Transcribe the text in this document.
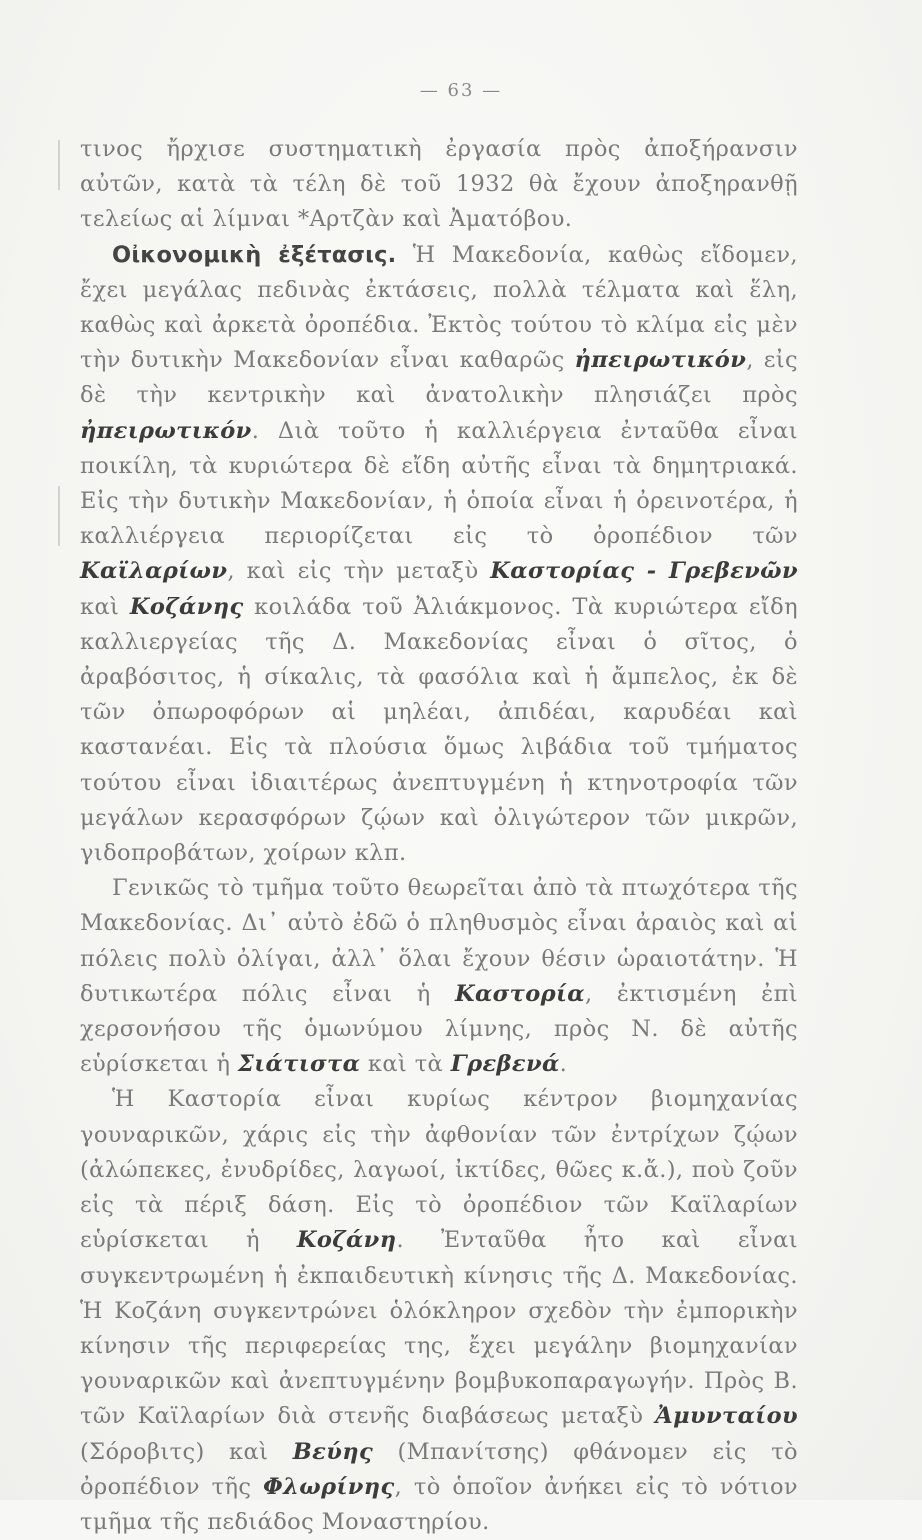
— 63 —

τινος ἤρχισε συστηματικὴ ἐργασία πρὸς ἀποξήρανσιν αὐτῶν, κατὰ τὰ τέλη δὲ τοῦ 1932 θὰ ἔχουν ἀποξηρανθῇ τελείως αἱ λίμναι *Αρτζὰν καὶ Ἀματόβου.

Οἰκονομικὴ ἐξέτασις. Ἡ Μακεδονία, καθὼς εἴδομεν, ἔχει μεγάλας πεδινὰς ἐκτάσεις, πολλὰ τέλματα καὶ ἕλη, καθὼς καὶ ἀρκετὰ ὀροπέδια. Ἐκτὸς τούτου τὸ κλίμα εἰς μὲν τὴν δυτικὴν Μακεδονίαν εἶναι καθαρῶς ἠπειρωτικόν, εἰς δὲ τὴν κεντρικὴν καὶ ἀνατολικὴν πλησιάζει πρὸς ἠπειρωτικόν. Διὰ τοῦτο ἡ καλλιέργεια ἐνταῦθα εἶναι ποικίλη, τὰ κυριώτερα δὲ εἴδη αὐτῆς εἶναι τὰ δημητριακά. Εἰς τὴν δυτικὴν Μακεδονίαν, ἡ ὁποία εἶναι ἡ ὀρεινοτέρα, ἡ καλλιέργεια περιορίζεται εἰς τὸ ὀροπέδιον τῶν Καϊλαρίων, καὶ εἰς τὴν μεταξὺ Καστορίας - Γρεβενῶν καὶ Κοζάνης κοιλάδα τοῦ Ἀλιάκμονος. Τὰ κυριώτερα εἴδη καλλιεργείας τῆς Δ. Μακεδονίας εἶναι ὁ σῖτος, ὁ ἀραβόσιτος, ἡ σίκαλις, τὰ φασόλια καὶ ἡ ἄμπελος, ἐκ δὲ τῶν ὀπωροφόρων αἱ μηλέαι, ἀπιδέαι, καρυδέαι καὶ καστανέαι. Εἰς τὰ πλούσια ὅμως λιβάδια τοῦ τμήματος τούτου εἶναι ἰδιαιτέρως ἀνεπτυγμένη ἡ κτηνοτροφία τῶν μεγάλων κερασφόρων ζῴων καὶ ὀλιγώτερον τῶν μικρῶν, γιδοπροβάτων, χοίρων κλπ.

Γενικῶς τὸ τμῆμα τοῦτο θεωρεῖται ἀπὸ τὰ πτωχότερα τῆς Μακεδονίας. Δι᾿ αὐτὸ ἐδῶ ὁ πληθυσμὸς εἶναι ἀραιὸς καὶ αἱ πόλεις πολὺ ὀλίγαι, ἀλλ᾿ ὅλαι ἔχουν θέσιν ὡραιοτάτην. Ἡ δυτικωτέρα πόλις εἶναι ἡ Καστορία, ἐκτισμένη ἐπὶ χερσονήσου τῆς ὁμωνύμου λίμνης, πρὸς Ν. δὲ αὐτῆς εὑρίσκεται ἡ Σιάτιστα καὶ τὰ Γρεβενά.

Ἡ Καστορία εἶναι κυρίως κέντρον βιομηχανίας γουναρικῶν, χάρις εἰς τὴν ἀφθονίαν τῶν ἐντρίχων ζῴων (ἀλώπεκες, ἐνυδρίδες, λαγωοί, ἰκτίδες, θῶες κ.ἄ.), ποὺ ζοῦν εἰς τὰ πέριξ δάση. Εἰς τὸ ὀροπέδιον τῶν Καϊλαρίων εὑρίσκεται ἡ Κοζάνη. Ἐνταῦθα ἦτο καὶ εἶναι συγκεντρωμένη ἡ ἐκπαιδευτικὴ κίνησις τῆς Δ. Μακεδονίας. Ἡ Κοζάνη συγκεντρώνει ὁλόκληρον σχεδὸν τὴν ἐμπορικὴν κίνησιν τῆς περιφερείας της, ἔχει μεγάλην βιομηχανίαν γουναρικῶν καὶ ἀνεπτυγμένην βομβυκοπαραγωγήν. Πρὸς Β. τῶν Καϊλαρίων διὰ στενῆς διαβάσεως μεταξὺ Ἀμυνταίου (Σόροβιτς) καὶ Βεύης (Μπανίτσης) φθάνομεν εἰς τὸ ὀροπέδιον τῆς Φλωρίνης, τὸ ὁποῖον ἀνήκει εἰς τὸ νότιον τμῆμα τῆς πεδιάδος Μοναστηρίου.
